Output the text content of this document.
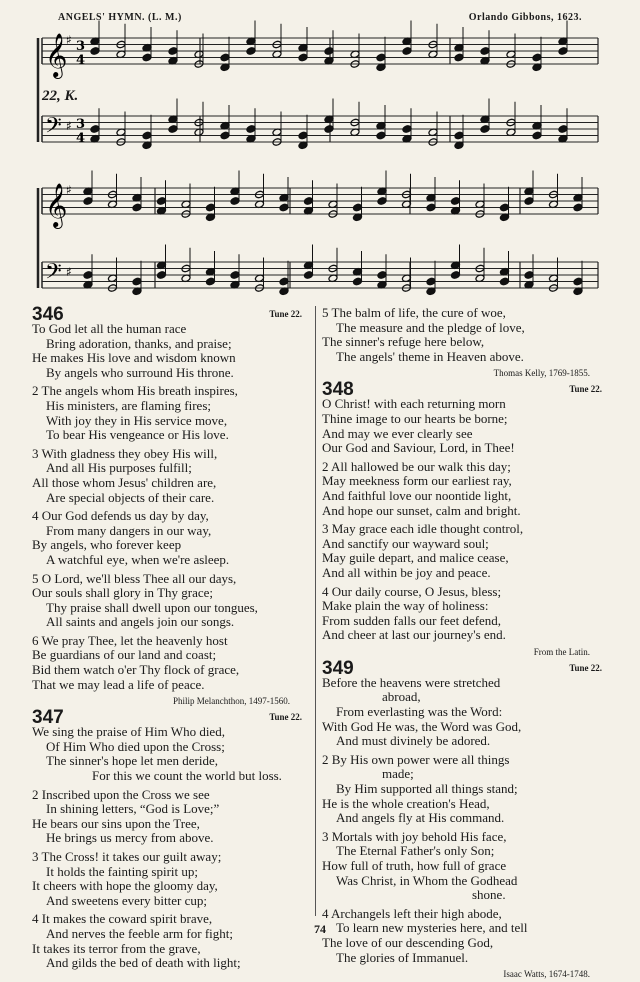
ANGELS' HYMN. (L. M.)	Orlando Gibbons, 1623.
22, K.
𝄞
♯ 3
4
𝄢 ♯ 3
4
𝄞
♯
𝄢 ♯
346	Tune 22.
To God let all the human race
Bring adoration, thanks, and praise;
He makes His love and wisdom known
By angels who surround His throne.
2 The angels whom His breath inspires,
His ministers, are flaming fires;
With joy they in His service move,
To bear His vengeance or His love.
3 With gladness they obey His will,
And all His purposes fulfill;
All those whom Jesus' children are,
Are special objects of their care.
4 Our God defends us day by day,
From many dangers in our way,
By angels, who forever keep
A watchful eye, when we're asleep.
5 O Lord, we'll bless Thee all our days,
Our souls shall glory in Thy grace;
Thy praise shall dwell upon our tongues,
All saints and angels join our songs.
6 We pray Thee, let the heavenly host
Be guardians of our land and coast;
Bid them watch o'er Thy flock of grace,
That we may lead a life of peace.
Philip Melanchthon, 1497-1560.
347	Tune 22.
We sing the praise of Him Who died,
Of Him Who died upon the Cross;
The sinner's hope let men deride,
For this we count the world but loss.
2 Inscribed upon the Cross we see
In shining letters, “God is Love;”
He bears our sins upon the Tree,
He brings us mercy from above.
3 The Cross! it takes our guilt away;
It holds the fainting spirit up;
It cheers with hope the gloomy day,
And sweetens every bitter cup;
4 It makes the coward spirit brave,
And nerves the feeble arm for fight;
It takes its terror from the grave,
And gilds the bed of death with light;
5 The balm of life, the cure of woe,
The measure and the pledge of love,
The sinner's refuge here below,
The angels' theme in Heaven above.
Thomas Kelly, 1769-1855.
348	Tune 22.
O Christ! with each returning morn
Thine image to our hearts be borne;
And may we ever clearly see
Our God and Saviour, Lord, in Thee!
2 All hallowed be our walk this day;
May meekness form our earliest ray,
And faithful love our noontide light,
And hope our sunset, calm and bright.
3 May grace each idle thought control,
And sanctify our wayward soul;
May guile depart, and malice cease,
And all within be joy and peace.
4 Our daily course, O Jesus, bless;
Make plain the way of holiness:
From sudden falls our feet defend,
And cheer at last our journey's end.
From the Latin.
349	Tune 22.
Before the heavens were stretched
abroad,
From everlasting was the Word:
With God He was, the Word was God,
And must divinely be adored.
2 By His own power were all things
made;
By Him supported all things stand;
He is the whole creation's Head,
And angels fly at His command.
3 Mortals with joy behold His face,
The Eternal Father's only Son;
How full of truth, how full of grace
Was Christ, in Whom the Godhead
shone.
4 Archangels left their high abode,
To learn new mysteries here, and tell
The love of our descending God,
The glories of Immanuel.
Isaac Watts, 1674-1748.
74
